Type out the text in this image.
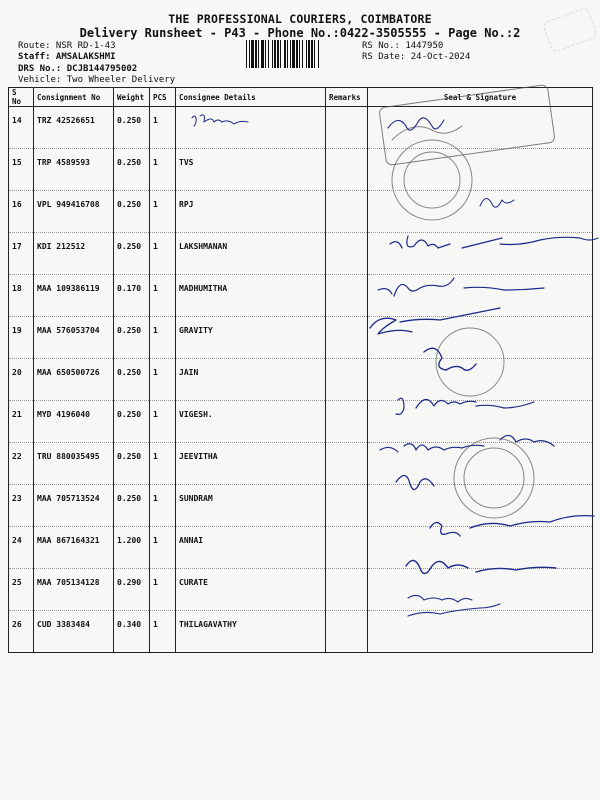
THE PROFESSIONAL COURIERS, COIMBATORE
Delivery Runsheet - P43 - Phone No.:0422-3505555 - Page No.:2
Route: NSR RD-1-43
Staff: AMSALAKSHMI
DRS No.: DCJB144795002
Vehicle: Two Wheeler Delivery
RS No.: 1447950
RS Date: 24-Oct-2024
S No	Consignment No	Weight	PCS	Consignee Details	Remarks	Seal & Signature
14	TRZ 42526651	0.250	1			
15	TRP 4589593	0.250	1	TVS		
16	VPL 949416708	0.250	1	RPJ		
17	KDI 212512	0.250	1	LAKSHMANAN		
18	MAA 109386119	0.170	1	MADHUMITHA		
19	MAA 576053704	0.250	1	GRAVITY		
20	MAA 650500726	0.250	1	JAIN		
21	MYD 4196040	0.250	1	VIGESH.		
22	TRU 880035495	0.250	1	JEEVITHA		
23	MAA 705713524	0.250	1	SUNDRAM		
24	MAA 867164321	1.200	1	ANNAI		
25	MAA 705134128	0.290	1	CURATE		
26	CUD 3383484	0.340	1	THILAGAVATHY		
